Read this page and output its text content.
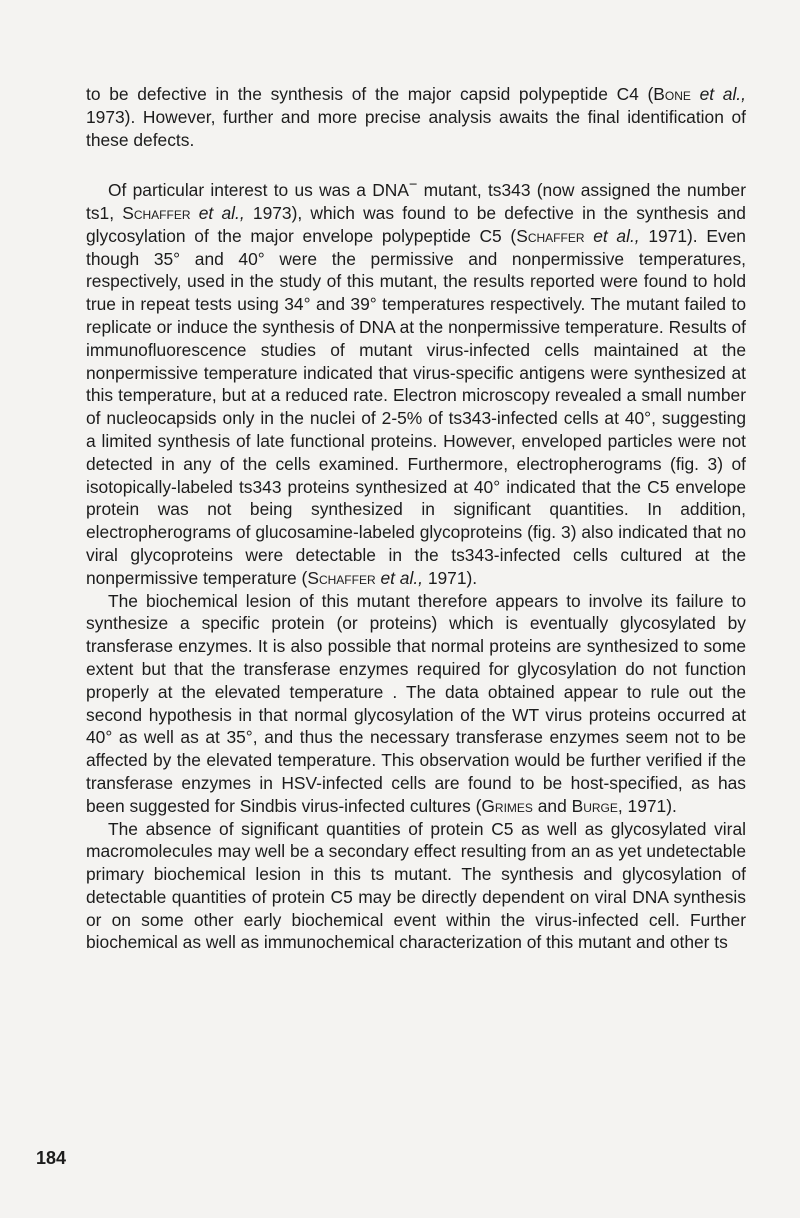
to be defective in the synthesis of the major capsid polypeptide C4 (Bone et al., 1973). However, further and more precise analysis awaits the final identification of these defects.

Of particular interest to us was a DNA− mutant, ts343 (now assigned the number ts1, Schaffer et al., 1973), which was found to be defective in the synthesis and glycosylation of the major envelope polypeptide C5 (Schaffer et al., 1971). Even though 35° and 40° were the permissive and nonpermissive temperatures, respectively, used in the study of this mutant, the results reported were found to hold true in repeat tests using 34° and 39° temperatures respectively. The mutant failed to replicate or induce the synthesis of DNA at the nonpermissive temperature. Results of immunofluorescence studies of mutant virus-infected cells maintained at the nonpermissive temperature indicated that virus-specific antigens were synthesized at this temperature, but at a reduced rate. Electron microscopy revealed a small number of nucleocapsids only in the nuclei of 2-5% of ts343-infected cells at 40°, suggesting a limited synthesis of late functional proteins. However, enveloped particles were not detected in any of the cells examined. Furthermore, electropherograms (fig. 3) of isotopically-labeled ts343 proteins synthesized at 40° indicated that the C5 envelope protein was not being synthesized in significant quantities. In addition, electropherograms of glucosamine-labeled glycoproteins (fig. 3) also indicated that no viral glycoproteins were detectable in the ts343-infected cells cultured at the nonpermissive temperature (Schaffer et al., 1971).

The biochemical lesion of this mutant therefore appears to involve its failure to synthesize a specific protein (or proteins) which is eventually glycosylated by transferase enzymes. It is also possible that normal proteins are synthesized to some extent but that the transferase enzymes required for glycosylation do not function properly at the elevated temperature . The data obtained appear to rule out the second hypothesis in that normal glycosylation of the WT virus proteins occurred at 40° as well as at 35°, and thus the necessary transferase enzymes seem not to be affected by the elevated temperature. This observation would be further verified if the transferase enzymes in HSV-infected cells are found to be host-specified, as has been suggested for Sindbis virus-infected cultures (Grimes and Burge, 1971).

The absence of significant quantities of protein C5 as well as glycosylated viral macromolecules may well be a secondary effect resulting from an as yet undetectable primary biochemical lesion in this ts mutant. The synthesis and glycosylation of detectable quantities of protein C5 may be directly dependent on viral DNA synthesis or on some other early biochemical event within the virus-infected cell. Further biochemical as well as immunochemical characterization of this mutant and other ts

184
